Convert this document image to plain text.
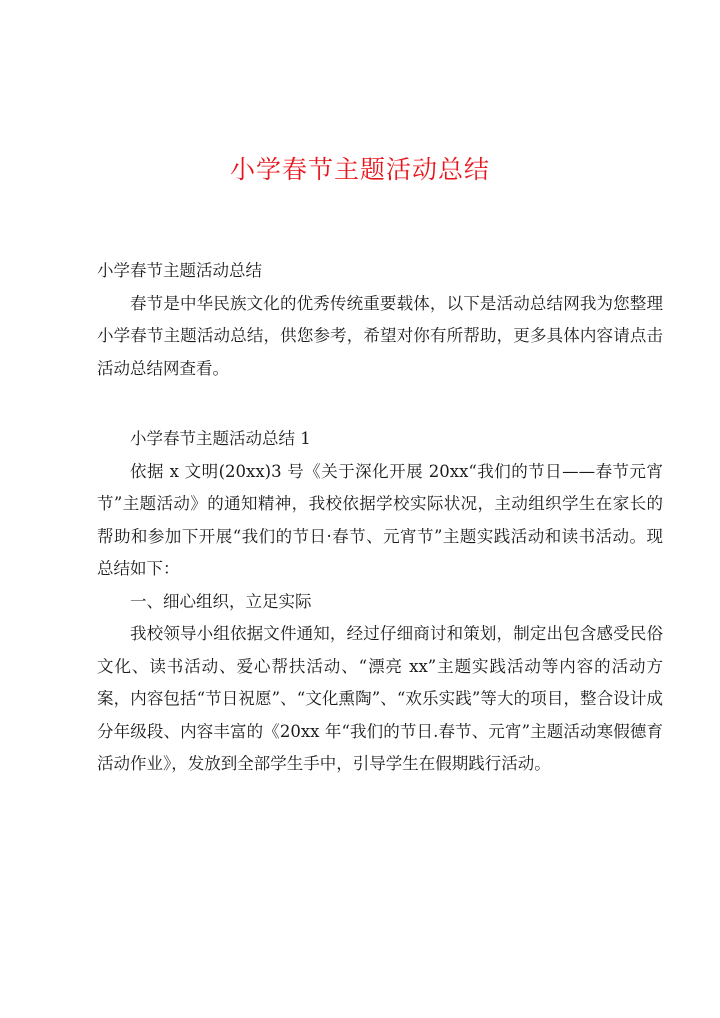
小学春节主题活动总结

小学春节主题活动总结

春节是中华民族文化的优秀传统重要载体，以下是活动总结网我为您整理小学春节主题活动总结，供您参考，希望对你有所帮助，更多具体内容请点击活动总结网查看。

小学春节主题活动总结 1

依据 x 文明(20xx)3 号《关于深化开展 20xx“我们的节日——春节元宵节”主题活动》的通知精神，我校依据学校实际状况，主动组织学生在家长的帮助和参加下开展“我们的节日·春节、元宵节”主题实践活动和读书活动。现总结如下：

一、细心组织，立足实际

我校领导小组依据文件通知，经过仔细商讨和策划，制定出包含感受民俗文化、读书活动、爱心帮扶活动、“漂亮 xx”主题实践活动等内容的活动方案，内容包括“节日祝愿”、“文化熏陶”、“欢乐实践”等大的项目，整合设计成分年级段、内容丰富的《20xx 年“我们的节日.春节、元宵”主题活动寒假德育活动作业》，发放到全部学生手中，引导学生在假期践行活动。
